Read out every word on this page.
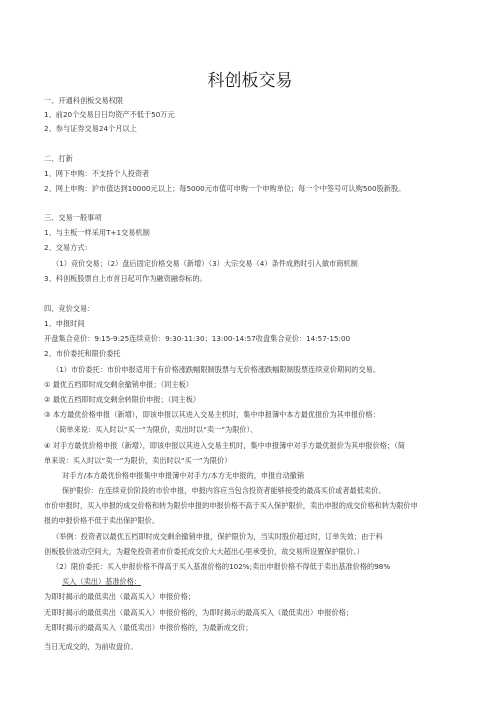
科创板交易
一、开通科创板交易权限
1、前20个交易日日均资产不低于50万元
2、参与证券交易24个月以上
二、打新
1、网下申购：不支持个人投资者
2、网上申购：沪市值达到10000元以上；每5000元市值可申购一个申购单位；每一个中签号可认购500股新股。
三、交易一般事项
1、与主板一样采用T+1交易机制
2、交易方式：
（1）竞价交易；（2）盘后固定价格交易（新增）（3）大宗交易（4）条件成熟时引入做市商机制
3、科创板股票自上市首日起可作为融资融券标的。
四、竞价交易：
1、申报时间
开盘集合竞价：9:15-9:25连续竞价：9:30-11:30；13:00-14:57收盘集合竞价：14:57-15:00
2、市价委托和限价委托
（1）市价委托：市价申报适用于有价格涨跌幅限制股票与无价格涨跌幅限制股票连续竞价期间的交易。
① 最优五档即时成交剩余撤销申报；（同主板）
② 最优五档即时成交剩余转限价申报；（同主板）
③ 本方最优价格申报（新增），即该申报以其进入交易主机时，集中申报簿中本方最优报价为其申报价格：
（简单来说：买入时以“买一”为限价，卖出时以“卖一”为限价）、
④ 对手方最优价格申报（新增），即该申报以其进入交易主机时，集中申报簿中对手方最优报价为其申报价格；（简
单来说：买入时以“卖一”为限价，卖出时以“买一”为限价）
对手方/本方最优价格申报集中申报簿中对手方/本方无申报的，申报自动撤销
保护限价：在连续竞价阶段的市价申报，申报内容应当包含投资者能够接受的最高买价或者最低卖价。
市价申报时，买入申报的成交价格和转为限价申报的申报价格不高于买入保护限价，卖出申报的成交价格和转为限价申
报的申报价格不低于卖出保护限价。
（举例：投资者以最优五档即时成交剩余撤销申报，保护限价为，当实时股价超过时，订单失效；由于科
创板股价波动空间大，为避免投资者市价委托成交价大大超出心里承受价，故交易所设置保护限价。）
（2）限价委托：买入申报价格不得高于买入基准价格的102%;卖出申报价格不得低于卖出基准价格的98%
买入（卖出）基准价格：
为即时揭示的最低卖出（最高买入）申报价格；
无即时揭示的最低卖出（最高买入）申报价格的，为即时揭示的最高买入（最低卖出）申报价格；
无即时揭示的最高买入（最低卖出）申报价格的，为最新成交价；
当日无成交的，为前收盘价。
